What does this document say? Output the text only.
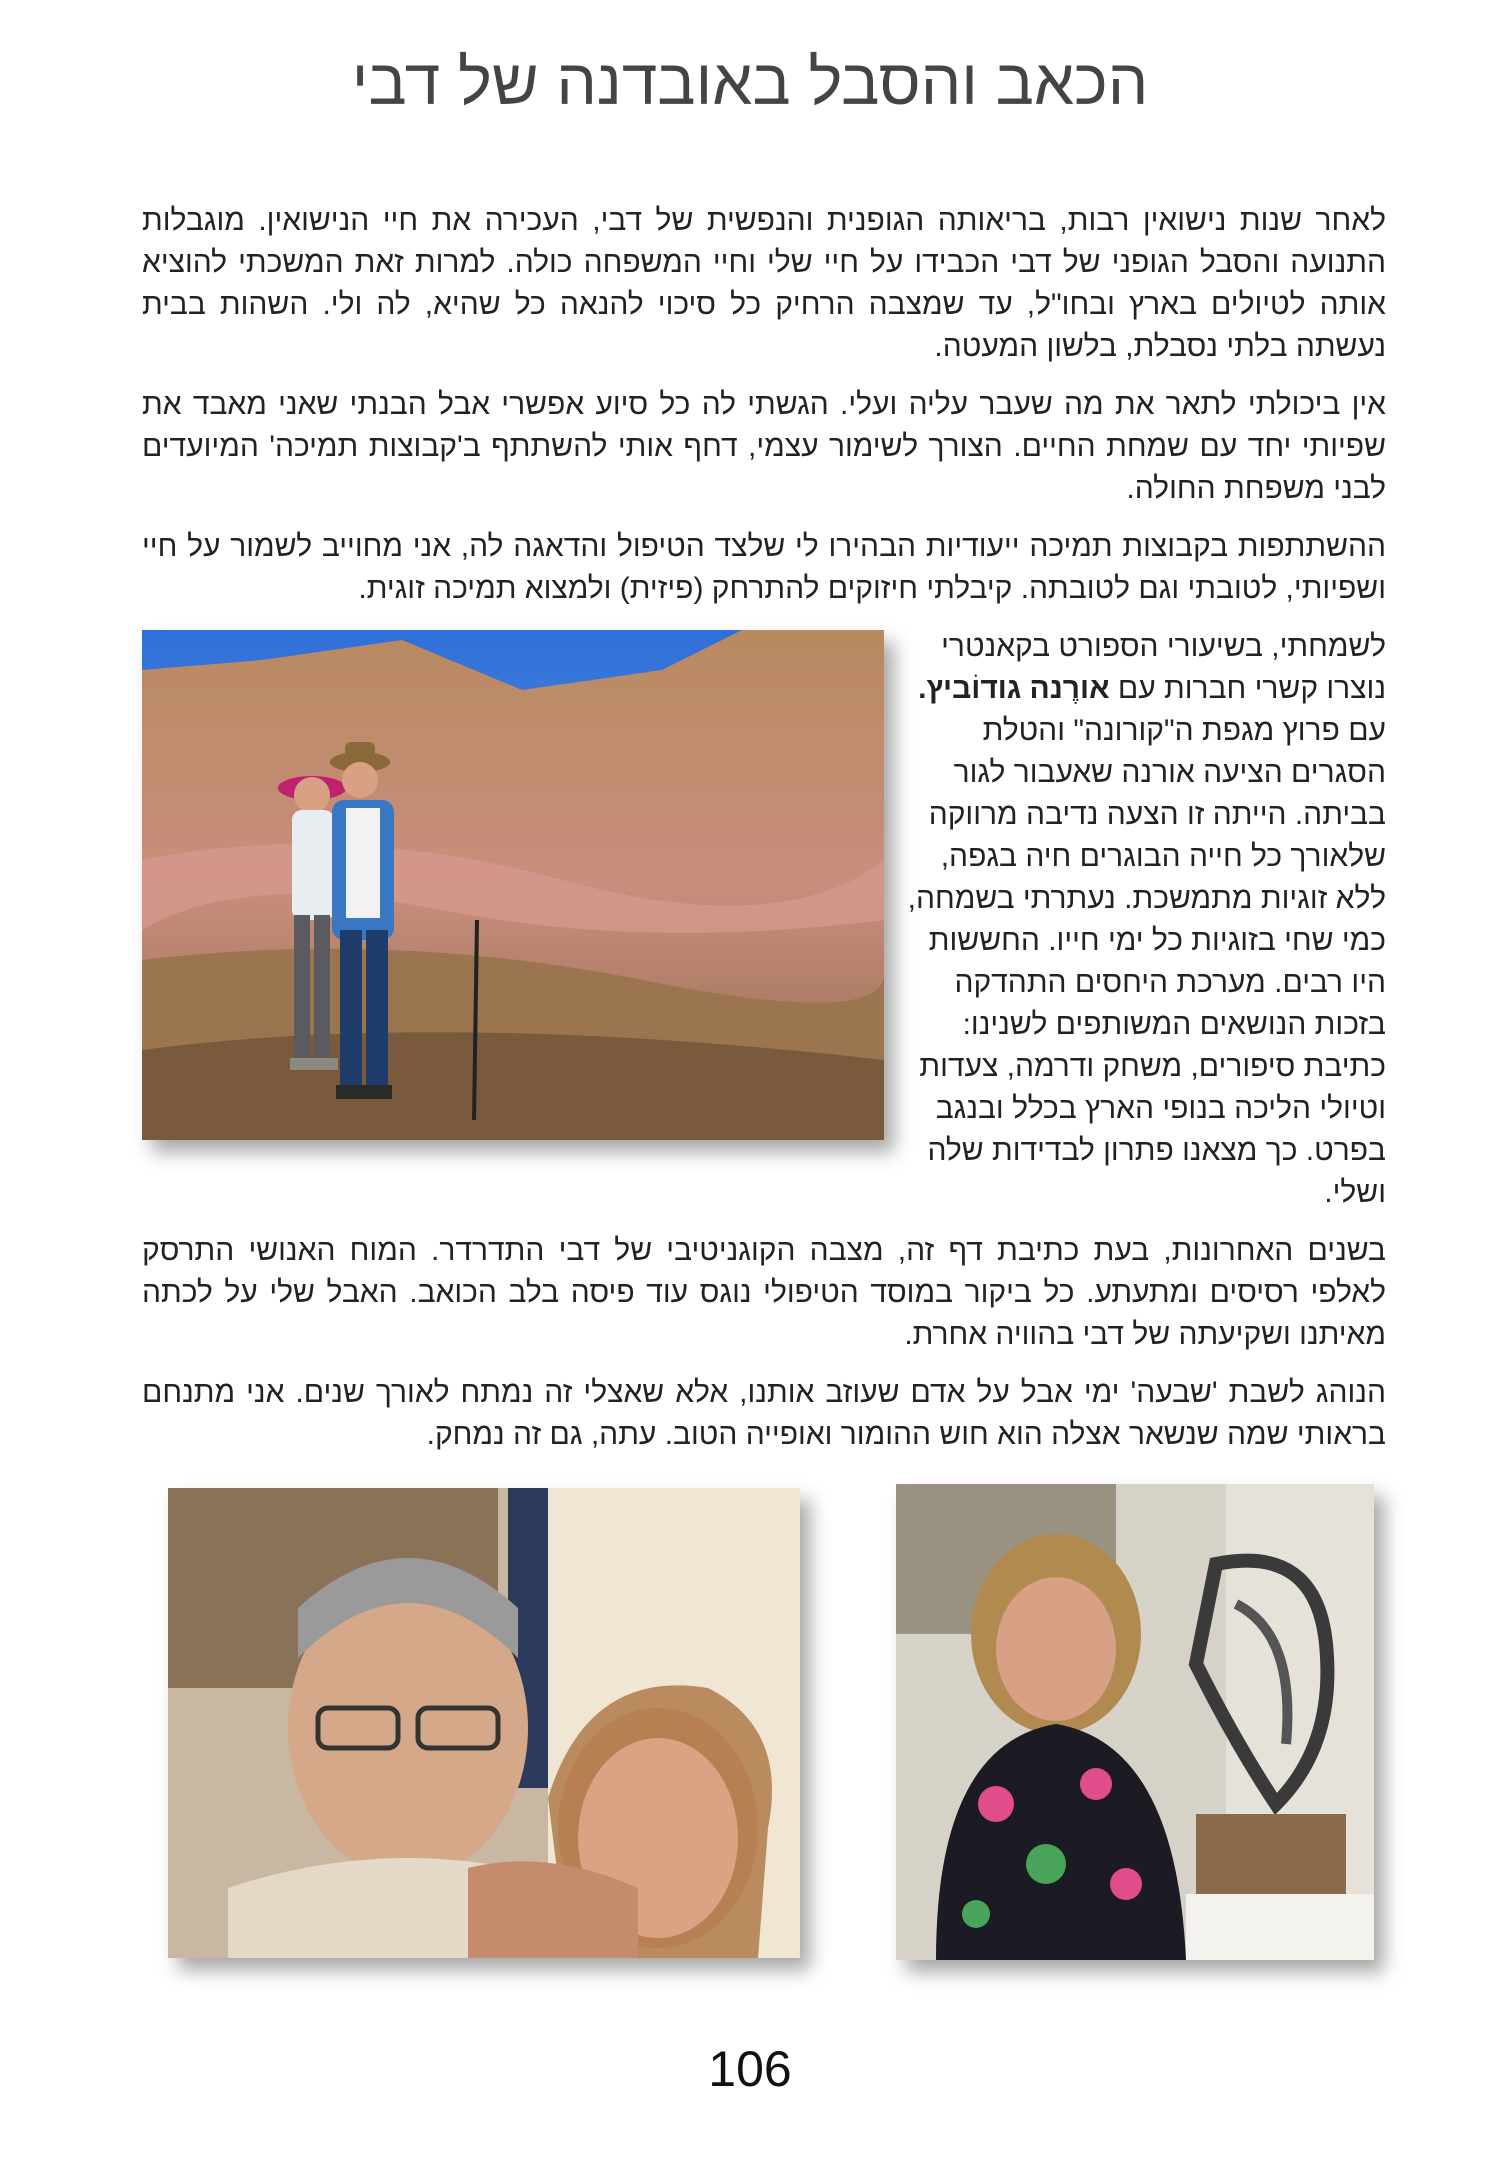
הכאב והסבל באובדנה של דבי

לאחר שנות נישואין רבות, בריאותה הגופנית והנפשית של דבי, העכירה את חיי הנישואין. מוגבלות התנועה והסבל הגופני של דבי הכבידו על חיי שלי וחיי המשפחה כולה. למרות זאת המשכתי להוציא אותה לטיולים בארץ ובחו"ל, עד שמצבה הרחיק כל סיכוי להנאה כל שהיא, לה ולי. השהות בבית נעשתה בלתי נסבלת, בלשון המעטה.

אין ביכולתי לתאר את מה שעבר עליה ועלי. הגשתי לה כל סיוע אפשרי אבל הבנתי שאני מאבד את שפיותי יחד עם שמחת החיים. הצורך לשימור עצמי, דחף אותי להשתתף ב'קבוצות תמיכה' המיועדים לבני משפחת החולה.

ההשתתפות בקבוצות תמיכה ייעודיות הבהירו לי שלצד הטיפול והדאגה לה, אני מחוייב לשמור על חיי ושפיותי, לטובתי וגם לטובתה. קיבלתי חיזוקים להתרחק (פיזית) ולמצוא תמיכה זוגית.

לשמחתי, בשיעורי הספורט בקאנטרי נוצרו קשרי חברות עם אורֶנה גודוֹביץ. עם פרוץ מגפת ה"קורונה" והטלת הסגרים הציעה אורנה שאעבור לגור בביתה. הייתה זו הצעה נדיבה מרווקה שלאורך כל חייה הבוגרים חיה בגפה, ללא זוגיות מתמשכת. נעתרתי בשמחה, כמי שחי בזוגיות כל ימי חייו. החששות היו רבים. מערכת היחסים התהדקה בזכות הנושאים המשותפים לשנינו: כתיבת סיפורים, משחק ודרמה, צעדות וטיולי הליכה בנופי הארץ בכלל ובנגב בפרט. כך מצאנו פתרון לבדידות שלה ושלי.

בשנים האחרונות, בעת כתיבת דף זה, מצבה הקוגניטיבי של דבי התדרדר. המוח האנושי התרסק לאלפי רסיסים ומתעתע. כל ביקור במוסד הטיפולי נוגס עוד פיסה בלב הכואב. האבל שלי על לכתה מאיתנו ושקיעתה של דבי בהוויה אחרת.

הנוהג לשבת 'שבעה' ימי אבל על אדם שעוזב אותנו, אלא שאצלי זה נמתח לאורך שנים. אני מתנחם בראותי שמה שנשאר אצלה הוא חוש ההומור ואופייה הטוב. עתה, גם זה נמחק.

106
